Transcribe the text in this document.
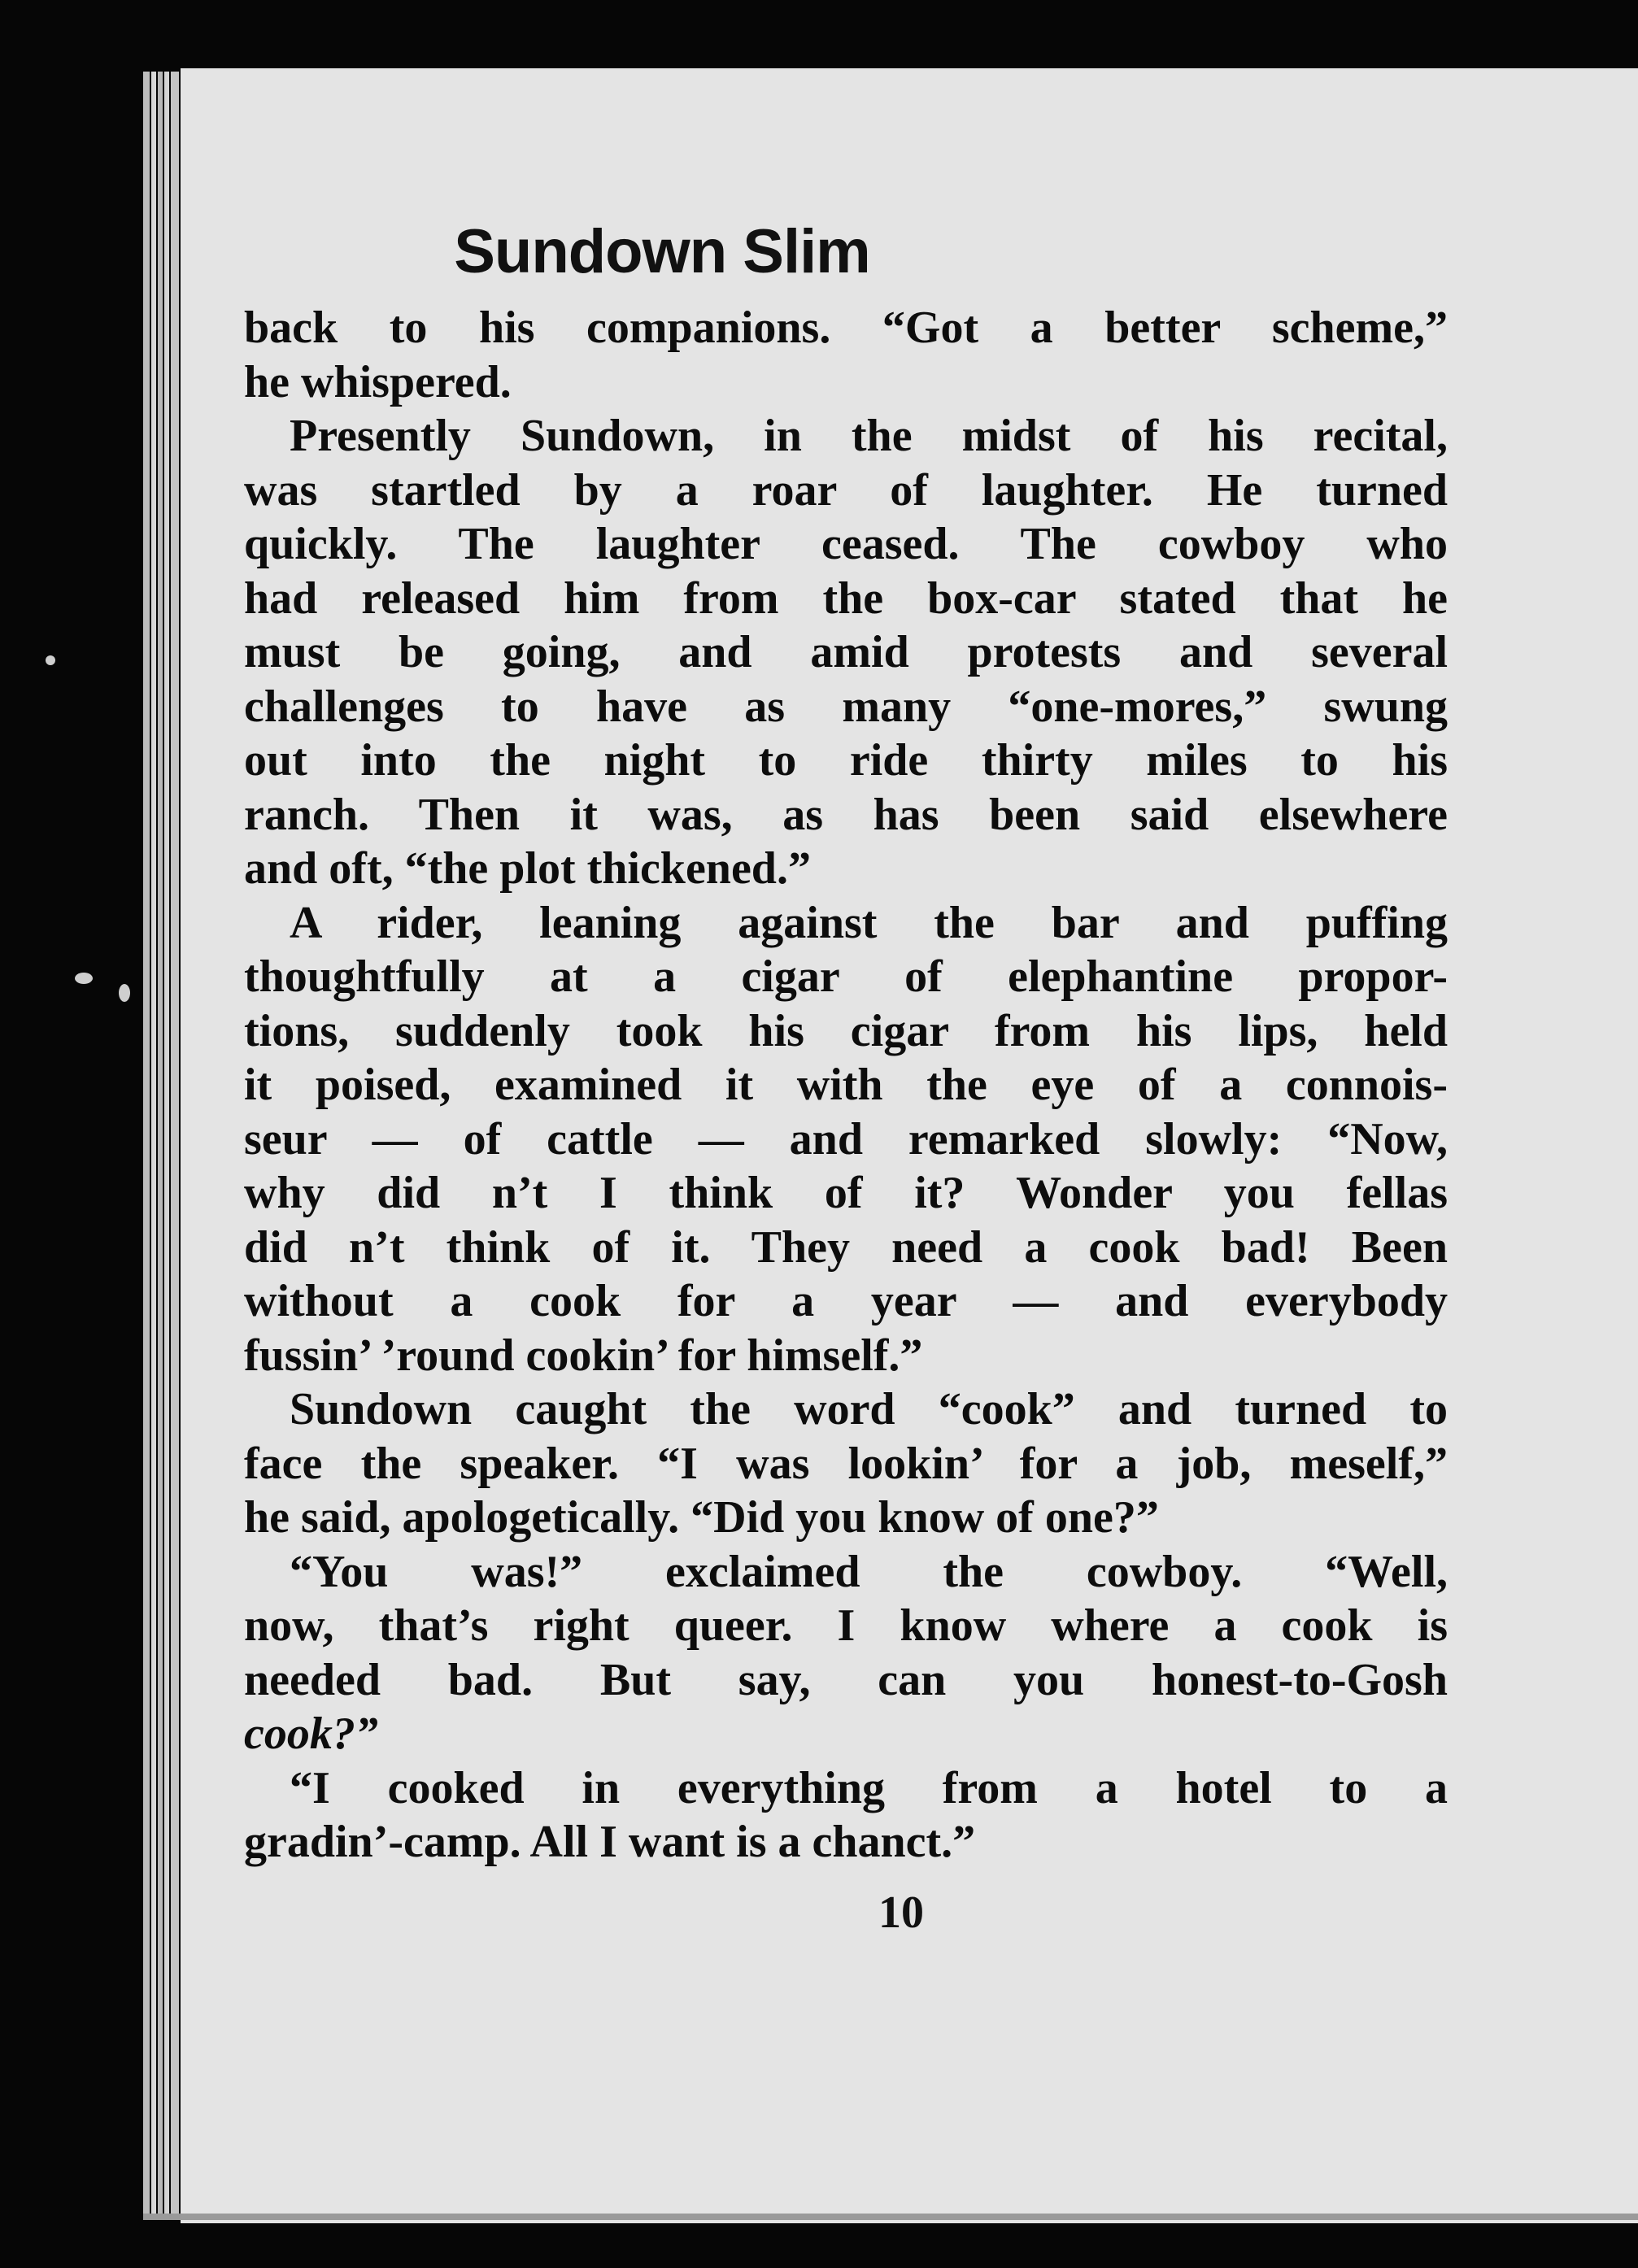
Sundown Slim
back to his companions. “Got a better scheme,”
he whispered.
Presently Sundown, in the midst of his recital,
was startled by a roar of laughter. He turned
quickly. The laughter ceased. The cowboy who
had released him from the box-car stated that he
must be going, and amid protests and several
challenges to have as many “one-mores,” swung
out into the night to ride thirty miles to his
ranch. Then it was, as has been said elsewhere
and oft, “the plot thickened.”
A rider, leaning against the bar and puffing
thoughtfully at a cigar of elephantine propor-
tions, suddenly took his cigar from his lips, held
it poised, examined it with the eye of a connois-
seur — of cattle — and remarked slowly: “Now,
why did n’t I think of it? Wonder you fellas
did n’t think of it. They need a cook bad! Been
without a cook for a year — and everybody
fussin’ ’round cookin’ for himself.”
Sundown caught the word “cook” and turned to
face the speaker. “I was lookin’ for a job, meself,”
he said, apologetically. “Did you know of one?”
“You was!” exclaimed the cowboy. “Well,
now, that’s right queer. I know where a cook is
needed bad. But say, can you honest-to-Gosh
cook?”
“I cooked in everything from a hotel to a
gradin’-camp. All I want is a chanct.”
10
